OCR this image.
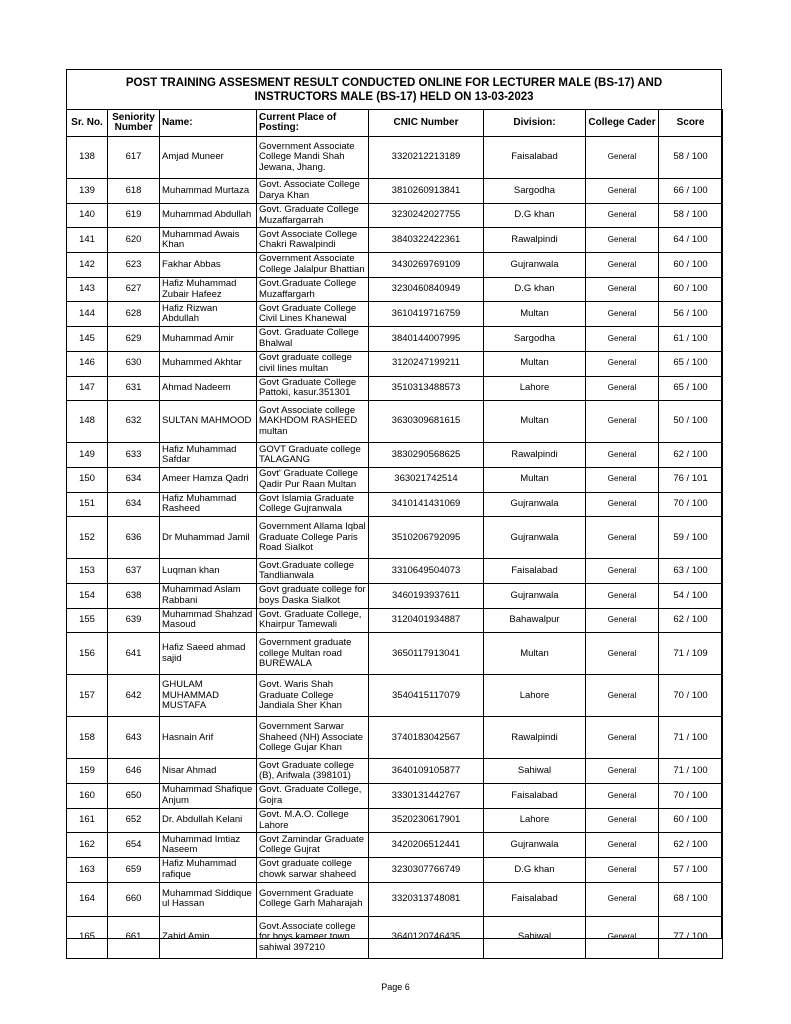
POST TRAINING ASSESMENT RESULT CONDUCTED ONLINE FOR LECTURER MALE (BS-17) AND
INSTRUCTORS MALE (BS-17) HELD ON 13-03-2023
Sr. No.	Seniority Number	Name:	Current Place of Posting:	CNIC Number	Division:	College Cader	Score
138	617	Amjad Muneer	Government Associate College Mandi Shah Jewana, Jhang.	3320212213189	Faisalabad	General	58 / 100
139	618	Muhammad Murtaza	Govt. Associate College Darya Khan	3810260913841	Sargodha	General	66 / 100
140	619	Muhammad Abdullah	Govt. Graduate College Muzaffargarrah	3230242027755	D.G khan	General	58 / 100
141	620	Muhammad Awais Khan	Govt Associate College Chakri Rawalpindi	3840322422361	Rawalpindi	General	64 / 100
142	623	Fakhar Abbas	Government Associate College Jalalpur Bhattian	3430269769109	Gujranwala	General	60 / 100
143	627	Hafiz Muhammad Zubair Hafeez	Govt.Graduate College Muzaffargarh	3230460840949	D.G khan	General	60 / 100
144	628	Hafiz Rizwan Abdullah	Govt Graduate College Civil Lines Khanewal	3610419716759	Multan	General	56 / 100
145	629	Muhammad Amir	Govt. Graduate College Bhalwal	3840144007995	Sargodha	General	61 / 100
146	630	Muhammed Akhtar	Govt graduate college civil lines multan	3120247199211	Multan	General	65 / 100
147	631	Ahmad Nadeem	Govt Graduate College Pattoki, kasur.351301	3510313488573	Lahore	General	65 / 100
148	632	SULTAN MAHMOOD	Govt Associate college MAKHDOM RASHEED multan	3630309681615	Multan	General	50 / 100
149	633	Hafiz Muhammad Safdar	GOVT Graduate college TALAGANG	3830290568625	Rawalpindi	General	62 / 100
150	634	Ameer Hamza Qadri	Govt' Graduate College Qadir Pur Raan Multan	363021742514	Multan	General	76 / 101
151	634	Hafiz Muhammad Rasheed	Govt Islamia Graduate College Gujranwala	3410141431069	Gujranwala	General	70 / 100
152	636	Dr Muhammad Jamil	Government Allama Iqbal Graduate College Paris Road Sialkot	3510206792095	Gujranwala	General	59 / 100
153	637	Luqman khan	Govt.Graduate college Tandlianwala	3310649504073	Faisalabad	General	63 / 100
154	638	Muhammad Aslam Rabbani	Govt graduate college for boys Daska Sialkot	3460193937611	Gujranwala	General	54 / 100
155	639	Muhammad Shahzad Masoud	Govt. Graduate College, Khairpur Tamewali	3120401934887	Bahawalpur	General	62 / 100
156	641	Hafiz Saeed ahmad sajid	Government graduate college Multan road BUREWALA	3650117913041	Multan	General	71 / 109
157	642	GHULAM MUHAMMAD MUSTAFA	Govt. Waris Shah Graduate College Jandiala Sher Khan	3540415117079	Lahore	General	70 / 100
158	643	Hasnain Arif	Government Sarwar Shaheed (NH) Associate College Gujar Khan	3740183042567	Rawalpindi	General	71 / 100
159	646	Nisar Ahmad	Govt Graduate college (B), Arifwala (398101)	3640109105877	Sahiwal	General	71 / 100
160	650	Muhammad Shafique Anjum	Govt. Graduate College, Gojra	3330131442767	Faisalabad	General	70 / 100
161	652	Dr. Abdullah Kelani	Govt. M.A.O. College Lahore	3520230617901	Lahore	General	60 / 100
162	654	Muhammad Imtiaz Naseem	Govt Zamindar Graduate College Gujrat	3420206512441	Gujranwala	General	62 / 100
163	659	Hafiz Muhammad rafique	Govt graduate college chowk sarwar shaheed	3230307766749	D.G khan	General	57 / 100
164	660	Muhammad Siddique ul Hassan	Government Graduate College Garh Maharajah	3320313748081	Faisalabad	General	68 / 100
165	661	Zahid Amin	Govt.Associate college for boys kameer town sahiwal 397210	3640120746435	Sahiwal	General	77 / 100
Page 6
